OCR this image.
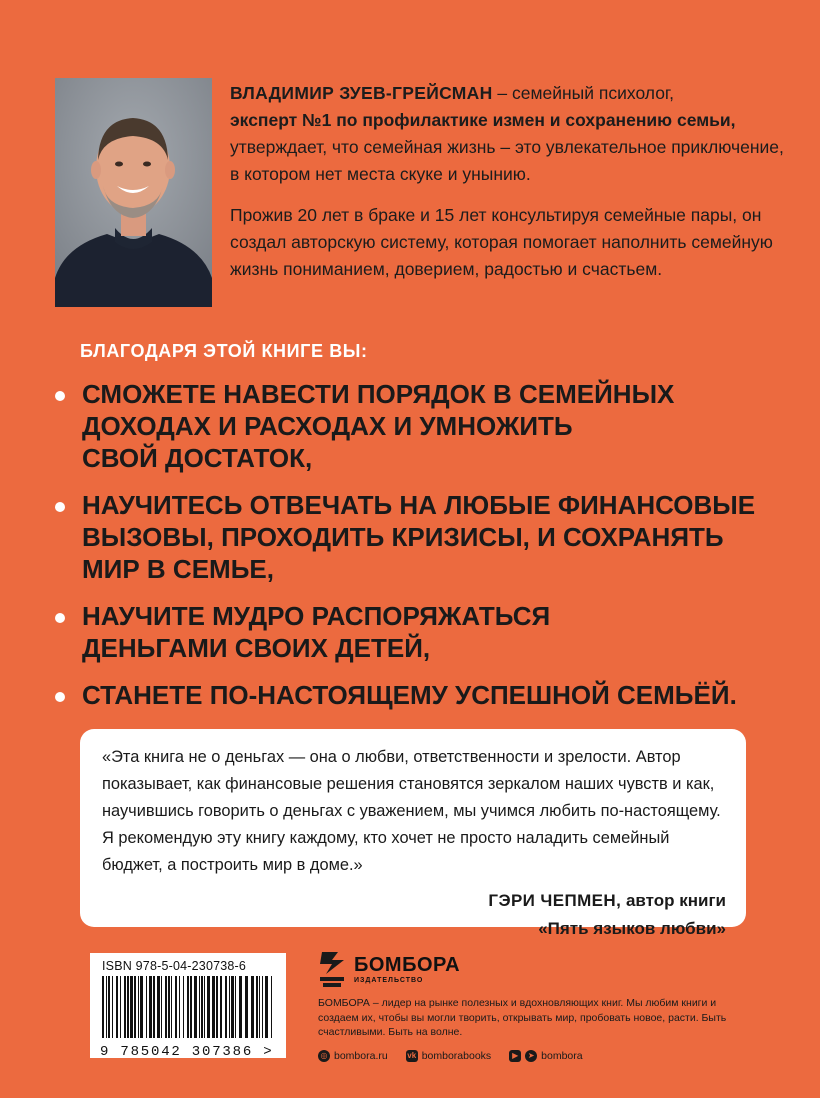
ВЛАДИМИР ЗУЕВ-ГРЕЙСМАН – семейный психолог,
эксперт №1 по профилактике измен и сохранению семьи,
утверждает, что семейная жизнь – это увлекательное приключение, в котором нет места скуке и унынию.

Прожив 20 лет в браке и 15 лет консультируя семейные пары, он создал авторскую систему, которая помогает наполнить семейную жизнь пониманием, доверием, радостью и счастьем.

БЛАГОДАРЯ ЭТОЙ КНИГЕ ВЫ:
СМОЖЕТЕ НАВЕСТИ ПОРЯДОК В СЕМЕЙНЫХ
ДОХОДАХ И РАСХОДАХ И УМНОЖИТЬ
СВОЙ ДОСТАТОК,
НАУЧИТЕСЬ ОТВЕЧАТЬ НА ЛЮБЫЕ ФИНАНСОВЫЕ
ВЫЗОВЫ, ПРОХОДИТЬ КРИЗИСЫ, И СОХРАНЯТЬ
МИР В СЕМЬЕ,
НАУЧИТЕ МУДРО РАСПОРЯЖАТЬСЯ
ДЕНЬГАМИ СВОИХ ДЕТЕЙ,
СТАНЕТЕ ПО-НАСТОЯЩЕМУ УСПЕШНОЙ СЕМЬЁЙ.

«Эта книга не о деньгах — она о любви, ответственности и зрелости. Автор показывает, как финансовые решения становятся зеркалом наших чувств и как, научившись говорить о деньгах с уважением, мы учимся любить по-настоящему. Я рекомендую эту книгу каждому, кто хочет не просто наладить семейный бюджет, а построить мир в доме.»

ГЭРИ ЧЕПМЕН, автор книги
«Пять языков любви»
ISBN 978-5-04-230738-6
9 785042 307386 >
БОМБОРА
ИЗДАТЕЛЬСТВО

БОМБОРА – лидер на рынке полезных и вдохновляющих книг. Мы любим книги и создаем их, чтобы вы могли творить, открывать мир, пробовать новое, расти. Быть счастливыми. Быть на волне.

◎ bombora.ru vk bomborabooks	▶	➤ bombora
